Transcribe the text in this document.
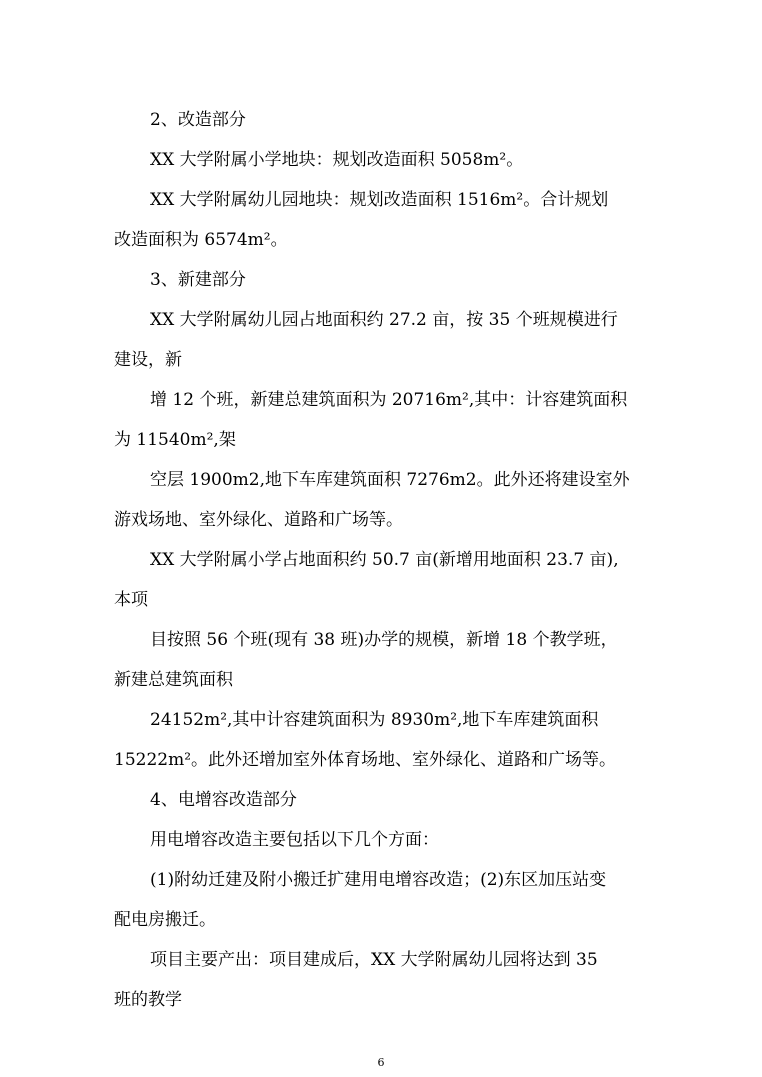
2、改造部分

XX 大学附属小学地块：规划改造面积 5058m²。

XX 大学附属幼儿园地块：规划改造面积 1516m²。合计规划

改造面积为 6574m²。

3、新建部分

XX 大学附属幼儿园占地面积约 27.2 亩，按 35 个班规模进行

建设，新

增 12 个班，新建总建筑面积为 20716m²,其中：计容建筑面积

为 11540m²,架

空层 1900m2,地下车库建筑面积 7276m2。此外还将建设室外

游戏场地、室外绿化、道路和广场等。

XX 大学附属小学占地面积约 50.7 亩(新增用地面积 23.7 亩),

本项

目按照 56 个班(现有 38 班)办学的规模，新增 18 个教学班，

新建总建筑面积

24152m²,其中计容建筑面积为 8930m²,地下车库建筑面积

15222m²。此外还增加室外体育场地、室外绿化、道路和广场等。

4、电增容改造部分

用电增容改造主要包括以下几个方面：

(1)附幼迁建及附小搬迁扩建用电增容改造；(2)东区加压站变

配电房搬迁。

项目主要产出：项目建成后，XX 大学附属幼儿园将达到 35

班的教学

6
